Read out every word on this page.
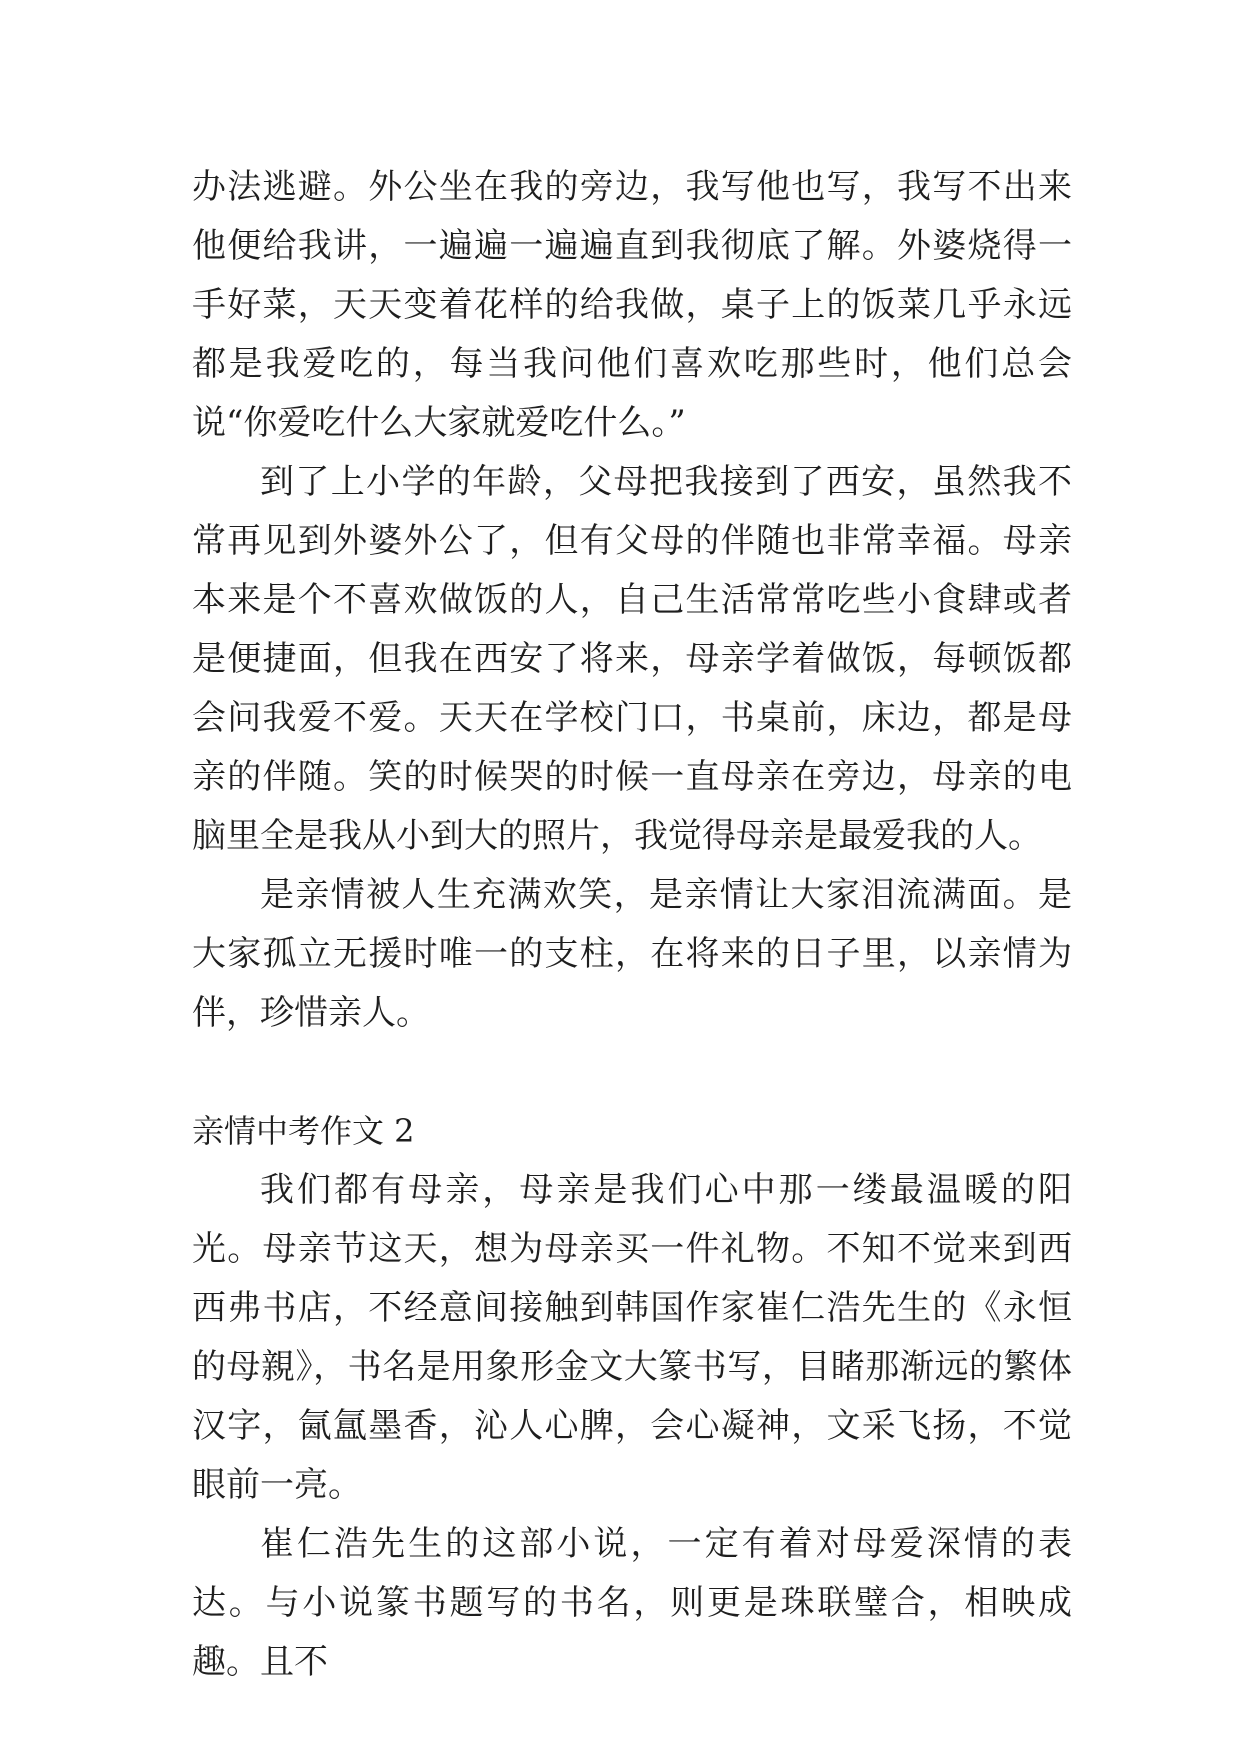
办法逃避。外公坐在我的旁边，我写他也写，我写不出来他便给我讲，一遍遍一遍遍直到我彻底了解。外婆烧得一手好菜，天天变着花样的给我做，桌子上的饭菜几乎永远都是我爱吃的，每当我问他们喜欢吃那些时，他们总会说“你爱吃什么大家就爱吃什么。”

到了上小学的年龄，父母把我接到了西安，虽然我不常再见到外婆外公了，但有父母的伴随也非常幸福。母亲本来是个不喜欢做饭的人，自己生活常常吃些小食肆或者是便捷面，但我在西安了将来，母亲学着做饭，每顿饭都会问我爱不爱。天天在学校门口，书桌前，床边，都是母亲的伴随。笑的时候哭的时候一直母亲在旁边，母亲的电脑里全是我从小到大的照片，我觉得母亲是最爱我的人。

是亲情被人生充满欢笑，是亲情让大家泪流满面。是大家孤立无援时唯一的支柱，在将来的日子里，以亲情为伴，珍惜亲人。

亲情中考作文 2

我们都有母亲，母亲是我们心中那一缕最温暖的阳光。母亲节这天，想为母亲买一件礼物。不知不觉来到西西弗书店，不经意间接触到韩国作家崔仁浩先生的《永恒的母親》，书名是用象形金文大篆书写，目睹那渐远的繁体汉字，氤氲墨香，沁人心脾，会心凝神，文采飞扬，不觉眼前一亮。

崔仁浩先生的这部小说，一定有着对母爱深情的表达。与小说篆书题写的书名，则更是珠联璧合，相映成趣。且不
